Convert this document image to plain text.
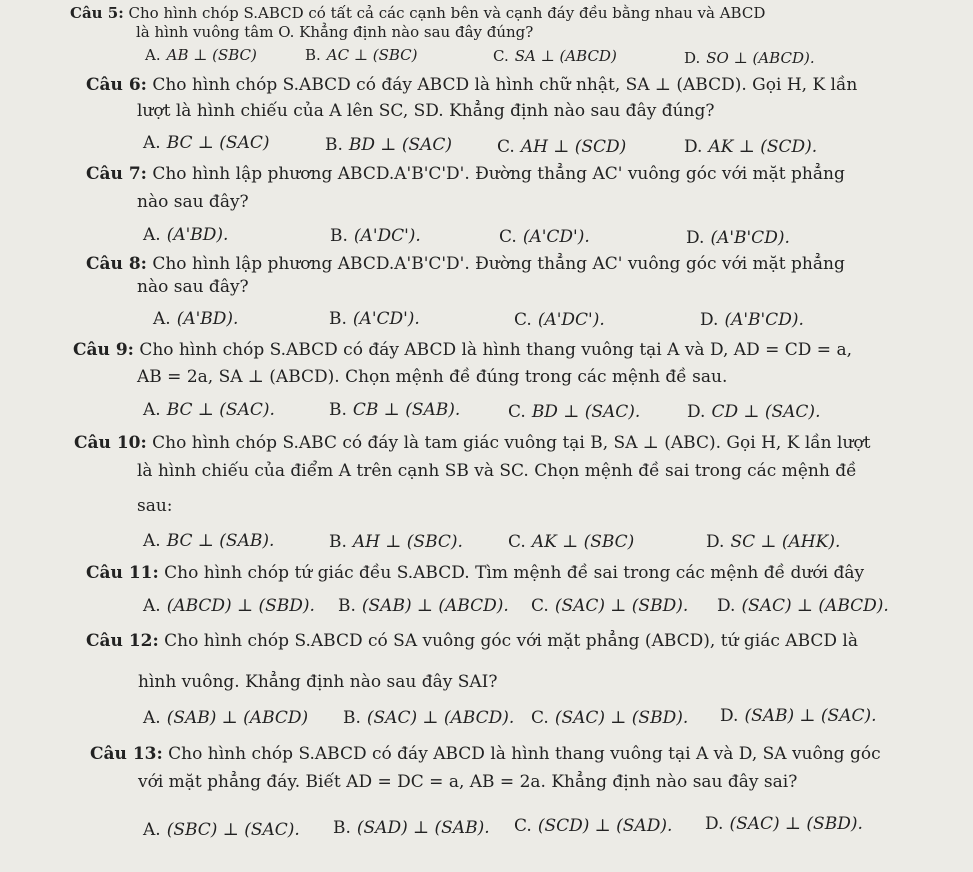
Câu 5: Cho hình chóp S.ABCD có tất cả các cạnh bên và cạnh đáy đều bằng nhau và ABCD
là hình vuông tâm O. Khẳng định nào sau đây đúng?
A. AB ⊥ (SBC)	B. AC ⊥ (SBC)	C. SA ⊥ (ABCD)	D. SO ⊥ (ABCD).
Câu 6: Cho hình chóp S.ABCD có đáy ABCD là hình chữ nhật, SA ⊥ (ABCD). Gọi H, K lần
lượt là hình chiếu của A lên SC, SD. Khẳng định nào sau đây đúng?
A. BC ⊥ (SAC)	B. BD ⊥ (SAC)	C. AH ⊥ (SCD)	D. AK ⊥ (SCD).
Câu 7: Cho hình lập phương ABCD.A'B'C'D'. Đường thẳng AC' vuông góc với mặt phẳng
nào sau đây?
A. (A'BD).	B. (A'DC').	C. (A'CD').	D. (A'B'CD).
Câu 8: Cho hình lập phương ABCD.A'B'C'D'. Đường thẳng AC' vuông góc với mặt phẳng
nào sau đây?
A. (A'BD).	B. (A'CD').	C. (A'DC').	D. (A'B'CD).
Câu 9: Cho hình chóp S.ABCD có đáy ABCD là hình thang vuông tại A và D, AD = CD = a,
AB = 2a, SA ⊥ (ABCD). Chọn mệnh đề đúng trong các mệnh đề sau.
A. BC ⊥ (SAC).	B. CB ⊥ (SAB).	C. BD ⊥ (SAC).	D. CD ⊥ (SAC).
Câu 10: Cho hình chóp S.ABC có đáy là tam giác vuông tại B, SA ⊥ (ABC). Gọi H, K lần lượt
là hình chiếu của điểm A trên cạnh SB và SC. Chọn mệnh đề sai trong các mệnh đề
sau:
A. BC ⊥ (SAB).	B. AH ⊥ (SBC).	C. AK ⊥ (SBC)	D. SC ⊥ (AHK).
Câu 11: Cho hình chóp tứ giác đều S.ABCD. Tìm mệnh đề sai trong các mệnh đề dưới đây
A. (ABCD) ⊥ (SBD). B. (SAB) ⊥ (ABCD). C. (SAC) ⊥ (SBD). D. (SAC) ⊥ (ABCD).
Câu 12: Cho hình chóp S.ABCD có SA vuông góc với mặt phẳng (ABCD), tứ giác ABCD là
hình vuông. Khẳng định nào sau đây SAI?
A. (SAB) ⊥ (ABCD) B. (SAC) ⊥ (ABCD). C. (SAC) ⊥ (SBD). D. (SAB) ⊥ (SAC).
Câu 13: Cho hình chóp S.ABCD có đáy ABCD là hình thang vuông tại A và D, SA vuông góc
với mặt phẳng đáy. Biết AD = DC = a, AB = 2a. Khẳng định nào sau đây sai?
A. (SBC) ⊥ (SAC). B. (SAD) ⊥ (SAB). C. (SCD) ⊥ (SAD). D. (SAC) ⊥ (SBD).
